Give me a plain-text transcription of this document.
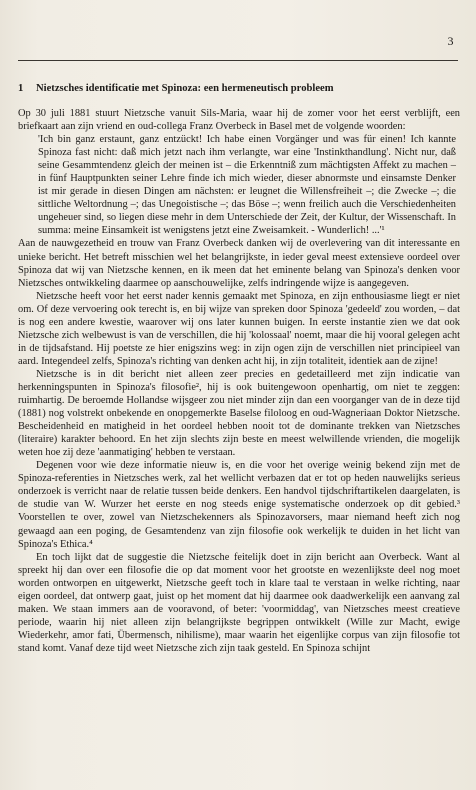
3
1 Nietzsches identificatie met Spinoza: een hermeneutisch probleem

Op 30 juli 1881 stuurt Nietzsche vanuit Sils-Maria, waar hij de zomer voor het eerst verblijft, een briefkaart aan zijn vriend en oud-collega Franz Overbeck in Basel met de volgende woorden:

'Ich bin ganz erstaunt, ganz entzückt! Ich habe einen Vorgänger und was für einen! Ich kannte Spinoza fast nicht: daß mich jetzt nach ihm verlangte, war eine 'Instinkthandlung'. Nicht nur, daß seine Gesammtendenz gleich der meinen ist – die Erkenntniß zum mächtigsten Affekt zu machen – in fünf Hauptpunkten seiner Lehre finde ich mich wieder, dieser abnormste und einsamste Denker ist mir gerade in diesen Dingen am nächsten: er leugnet die Willensfreiheit –; die Zwecke –; die sittliche Weltordnung –; das Unegoistische –; das Böse –; wenn freilich auch die Verschiedenheiten ungeheuer sind, so liegen diese mehr in dem Unterschiede der Zeit, der Kultur, der Wissenschaft. In summa: meine Einsamkeit ist wenigstens jetzt eine Zweisamkeit. - Wunderlich! ...'¹

Aan de nauwgezetheid en trouw van Franz Overbeck danken wij de overlevering van dit interessante en unieke bericht. Het betreft misschien wel het belangrijkste, in ieder geval meest extensieve oordeel over Spinoza dat wij van Nietzsche kennen, en ik meen dat het eminente belang van Spinoza's denken voor Nietzsches ontwikkeling daarmee op aanschouwelijke, zelfs indringende wijze is aangegeven.

Nietzsche heeft voor het eerst nader kennis gemaakt met Spinoza, en zijn enthousiasme liegt er niet om. Of deze vervoering ook terecht is, en bij wijze van spreken door Spinoza 'gedeeld' zou worden, – dat is nog een andere kwestie, waarover wij ons later kunnen buigen. In eerste instantie zien we dat ook Nietzsche zich welbewust is van de verschillen, die hij 'kolossaal' noemt, maar die hij vooral gelegen acht in de tijdsafstand. Hij poetste ze hier enigszins weg: in zijn ogen zijn de verschillen niet principieel van aard. Integendeel zelfs, Spinoza's richting van denken acht hij, in zijn totaliteit, identiek aan de zijne!

Nietzsche is in dit bericht niet alleen zeer precies en gedetailleerd met zijn indicatie van herkenningspunten in Spinoza's filosofie², hij is ook buitengewoon openhartig, om niet te zeggen: ruimhartig. De beroemde Hollandse wijsgeer zou niet minder zijn dan een voorganger van de in deze tijd (1881) nog volstrekt onbekende en onopgemerkte Baselse filoloog en oud-Wagneriaan Doktor Nietzsche. Bescheidenheid en matigheid in het oordeel hebben nooit tot de dominante trekken van Nietzsches (literaire) karakter behoord. En het zijn slechts zijn beste en meest welwillende vrienden, die mogelijk weten hoe zij deze 'aanmatiging' hebben te verstaan.

Degenen voor wie deze informatie nieuw is, en die voor het overige weinig bekend zijn met de Spinoza-referenties in Nietzsches werk, zal het wellicht verbazen dat er tot op heden nauwelijks serieus onderzoek is verricht naar de relatie tussen beide denkers. Een handvol tijdschriftartikelen daargelaten, is de studie van W. Wurzer het eerste en nog steeds enige systematische onderzoek op dit gebied.³ Voorstellen te over, zowel van Nietzschekenners als Spinozavorsers, maar niemand heeft zich nog gewaagd aan een poging, de Gesamtendenz van zijn filosofie ook werkelijk te duiden in het licht van Spinoza's Ethica.⁴

En toch lijkt dat de suggestie die Nietzsche feitelijk doet in zijn bericht aan Overbeck. Want al spreekt hij dan over een filosofie die op dat moment voor het grootste en wezenlijkste deel nog moet worden ontworpen en uitgewerkt, Nietzsche geeft toch in klare taal te verstaan in welke richting, naar eigen oordeel, dat ontwerp gaat, juist op het moment dat hij daarmee ook daadwerkelijk een aanvang zal maken. We staan immers aan de vooravond, of beter: 'voormiddag', van Nietzsches meest creatieve periode, waarin hij niet alleen zijn belangrijkste begrippen ontwikkelt (Wille zur Macht, ewige Wiederkehr, amor fati, Übermensch, nihilisme), maar waarin het eigenlijke corpus van zijn filosofie tot stand komt. Vanaf deze tijd weet Nietzsche zich zijn taak gesteld. En Spinoza schijnt
